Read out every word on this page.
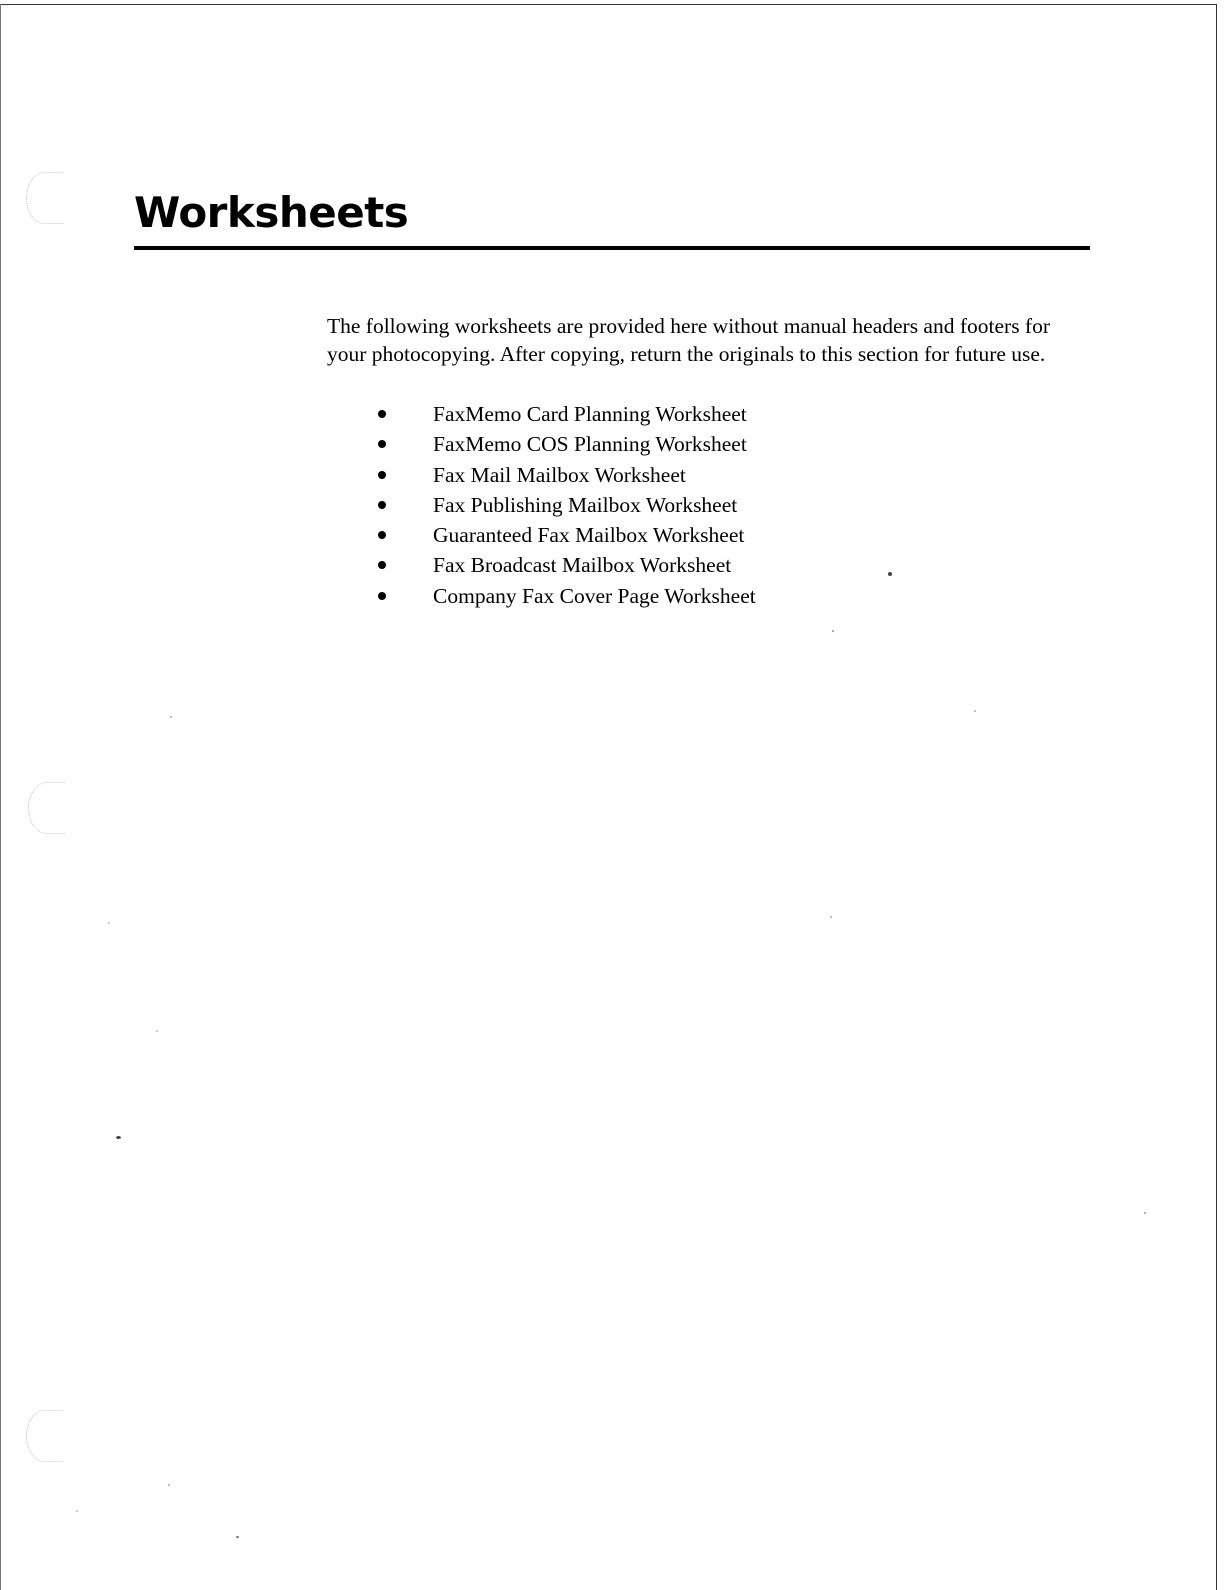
Worksheets

The following worksheets are provided here without manual headers and footers for
your photocopying. After copying, return the originals to this section for future use.

FaxMemo Card Planning Worksheet
FaxMemo COS Planning Worksheet
Fax Mail Mailbox Worksheet
Fax Publishing Mailbox Worksheet
Guaranteed Fax Mailbox Worksheet
Fax Broadcast Mailbox Worksheet
Company Fax Cover Page Worksheet
